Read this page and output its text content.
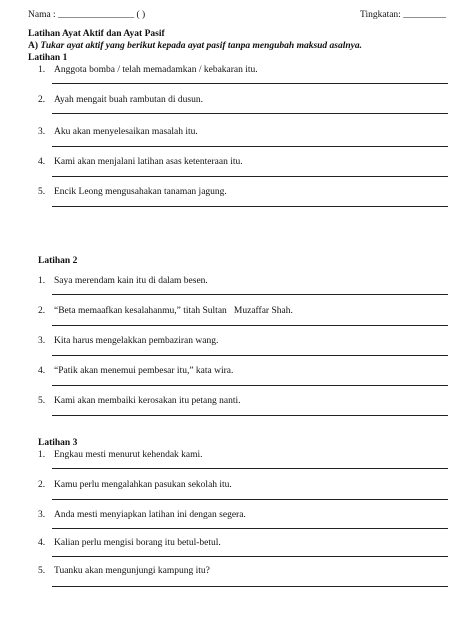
Nama : ________________ ( )	Tingkatan: _________
Latihan Ayat Aktif dan Ayat Pasif
A) Tukar ayat aktif yang berikut kepada ayat pasif tanpa mengubah maksud asalnya.
Latihan 1
1. Anggota bomba / telah memadamkan / kebakaran itu.
2. Ayah mengait buah rambutan di dusun.
3. Aku akan menyelesaikan masalah itu.
4. Kami akan menjalani latihan asas ketenteraan itu.
5. Encik Leong mengusahakan tanaman jagung.
Latihan 2
1. Saya merendam kain itu di dalam besen.
2. “Beta memaafkan kesalahanmu,” titah Sultan   Muzaffar Shah.
3. Kita harus mengelakkan pembaziran wang.
4. “Patik akan menemui pembesar itu,” kata wira.
5. Kami akan membaiki kerosakan itu petang nanti.
Latihan 3
1. Engkau mesti menurut kehendak kami.
2. Kamu perlu mengalahkan pasukan sekolah itu.
3. Anda mesti menyiapkan latihan ini dengan segera.
4. Kalian perlu mengisi borang itu betul-betul.
5. Tuanku akan mengunjungi kampung itu?
